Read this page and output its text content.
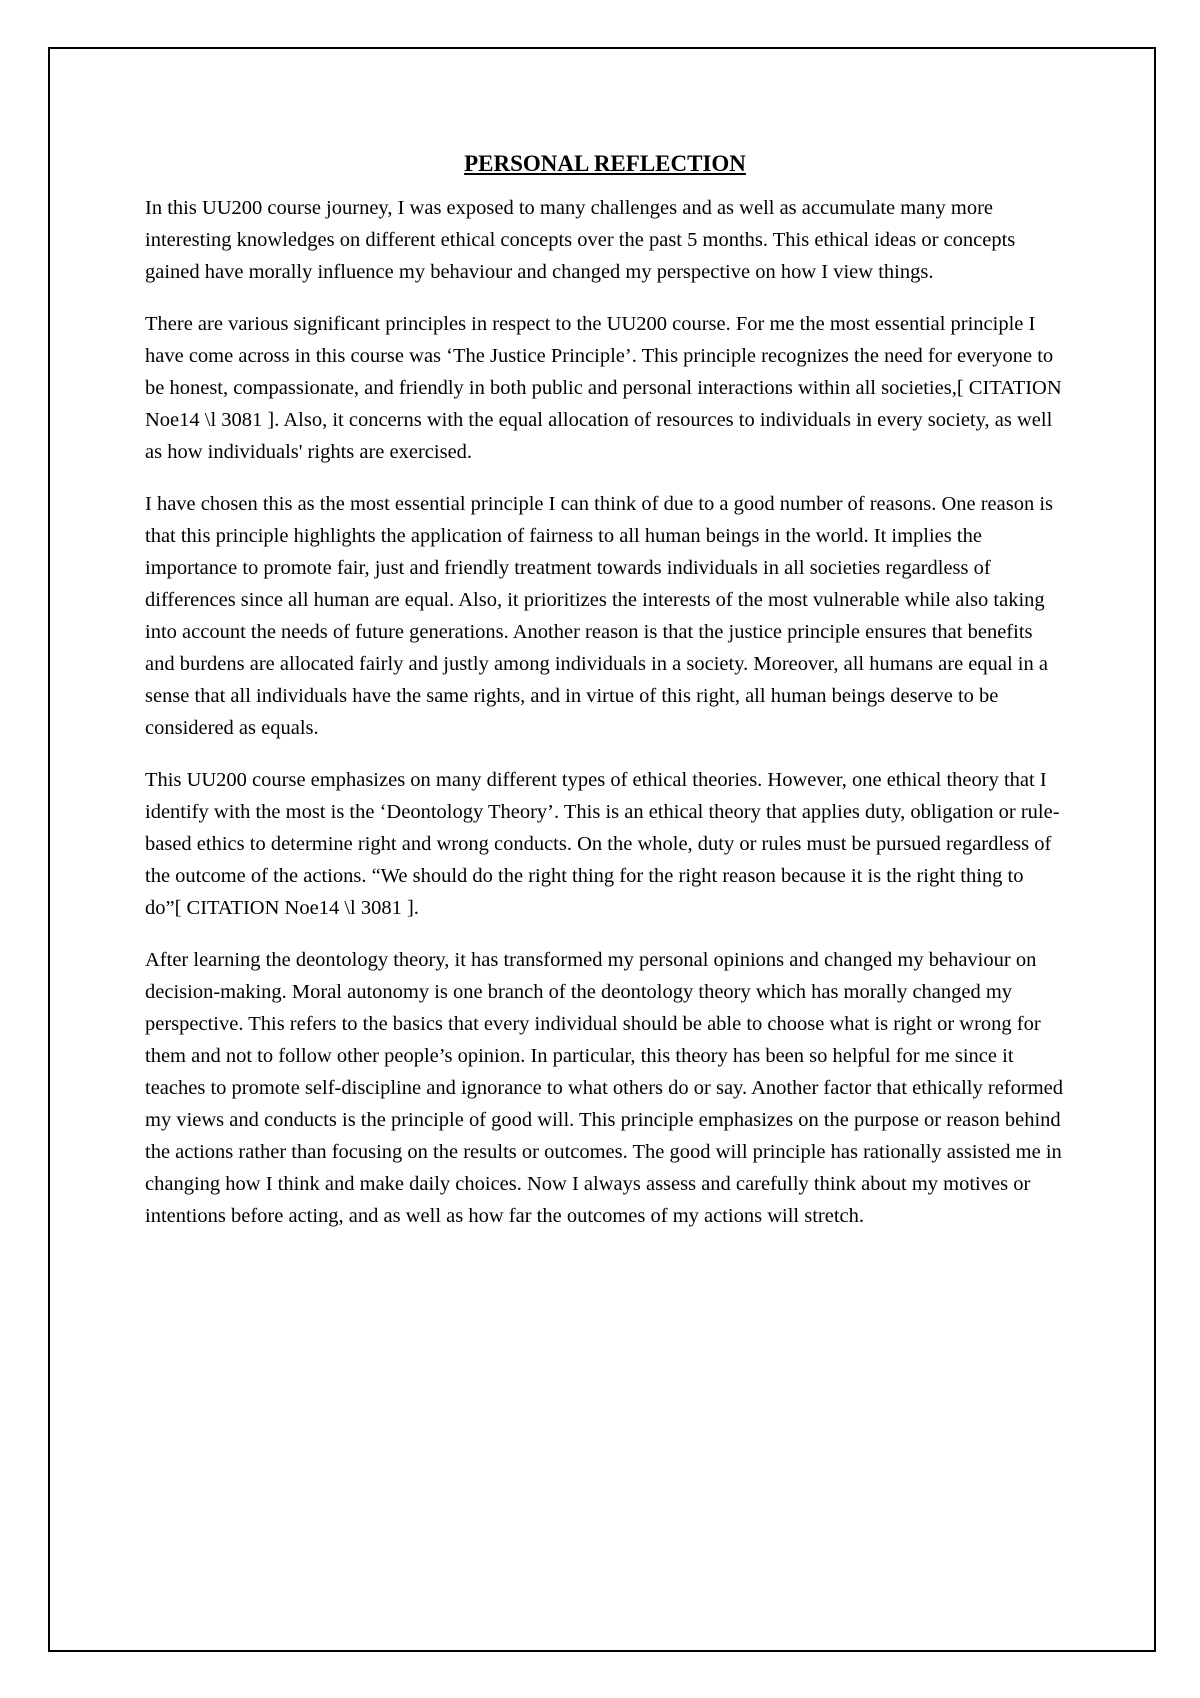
PERSONAL REFLECTION

In this UU200 course journey, I was exposed to many challenges and as well as accumulate many more interesting knowledges on different ethical concepts over the past 5 months. This ethical ideas or concepts gained have morally influence my behaviour and changed my perspective on how I view things.

There are various significant principles in respect to the UU200 course. For me the most essential principle I have come across in this course was ‘The Justice Principle’. This principle recognizes the need for everyone to be honest, compassionate, and friendly in both public and personal interactions within all societies,[ CITATION Noe14 \l 3081 ]. Also, it concerns with the equal allocation of resources to individuals in every society, as well as how individuals' rights are exercised.

I have chosen this as the most essential principle I can think of due to a good number of reasons. One reason is that this principle highlights the application of fairness to all human beings in the world. It implies the importance to promote fair, just and friendly treatment towards individuals in all societies regardless of differences since all human are equal. Also, it prioritizes the interests of the most vulnerable while also taking into account the needs of future generations. Another reason is that the justice principle ensures that benefits and burdens are allocated fairly and justly among individuals in a society. Moreover, all humans are equal in a sense that all individuals have the same rights, and in virtue of this right, all human beings deserve to be considered as equals.

This UU200 course emphasizes on many different types of ethical theories. However, one ethical theory that I identify with the most is the ‘Deontology Theory’. This is an ethical theory that applies duty, obligation or rule-based ethics to determine right and wrong conducts. On the whole, duty or rules must be pursued regardless of the outcome of the actions. “We should do the right thing for the right reason because it is the right thing to do”[ CITATION Noe14 \l 3081 ].

After learning the deontology theory, it has transformed my personal opinions and changed my behaviour on decision-making. Moral autonomy is one branch of the deontology theory which has morally changed my perspective. This refers to the basics that every individual should be able to choose what is right or wrong for them and not to follow other people’s opinion. In particular, this theory has been so helpful for me since it teaches to promote self-discipline and ignorance to what others do or say. Another factor that ethically reformed my views and conducts is the principle of good will. This principle emphasizes on the purpose or reason behind the actions rather than focusing on the results or outcomes. The good will principle has rationally assisted me in changing how I think and make daily choices. Now I always assess and carefully think about my motives or intentions before acting, and as well as how far the outcomes of my actions will stretch.
